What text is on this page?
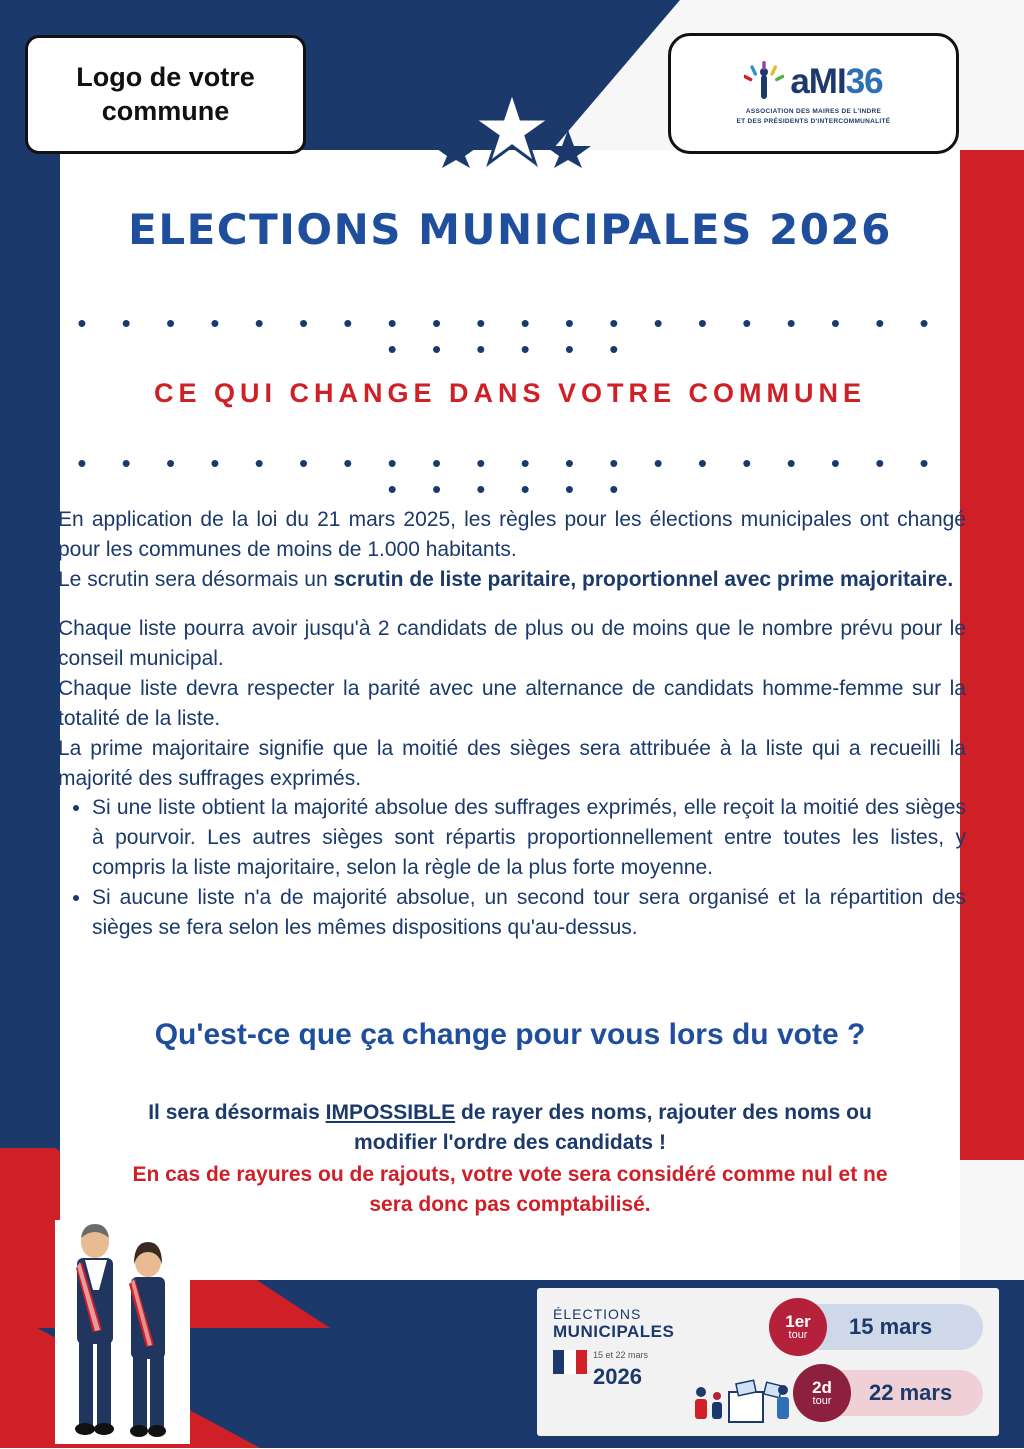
Logo de votre commune
aMI36
ASSOCIATION DES MAIRES DE L'INDRE
ET DES PRÉSIDENTS D'INTERCOMMUNALITÉ
ELECTIONS MUNICIPALES 2026
• • • • • • • • • • • • • • • • • • • • • • • • • •
CE QUI CHANGE DANS VOTRE COMMUNE
• • • • • • • • • • • • • • • • • • • • • • • • • •

En application de la loi du 21 mars 2025, les règles pour les élections municipales ont changé pour les communes de moins de 1.000 habitants.

Le scrutin sera désormais un scrutin de liste paritaire, proportionnel avec prime majoritaire.

Chaque liste pourra avoir jusqu'à 2 candidats de plus ou de moins que le nombre prévu pour le conseil municipal.

Chaque liste devra respecter la parité avec une alternance de candidats homme-femme sur la totalité de la liste.

La prime majoritaire signifie que la moitié des sièges sera attribuée à la liste qui a recueilli la majorité des suffrages exprimés.

• Si une liste obtient la majorité absolue des suffrages exprimés, elle reçoit la moitié des sièges à pourvoir. Les autres sièges sont répartis proportionnellement entre toutes les listes, y compris la liste majoritaire, selon la règle de la plus forte moyenne.
• Si aucune liste n'a de majorité absolue, un second tour sera organisé et la répartition des sièges se fera selon les mêmes dispositions qu'au-dessus.
Qu'est-ce que ça change pour vous lors du vote ?
Il sera désormais IMPOSSIBLE de rayer des noms, rajouter des noms ou modifier l'ordre des candidats !
En cas de rayures ou de rajouts, votre vote sera considéré comme nul et ne sera donc pas comptabilisé.
ÉLECTIONS
MUNICIPALES
15 et 22 mars
2026
1er
tour 15 mars
2d
tour 22 mars
